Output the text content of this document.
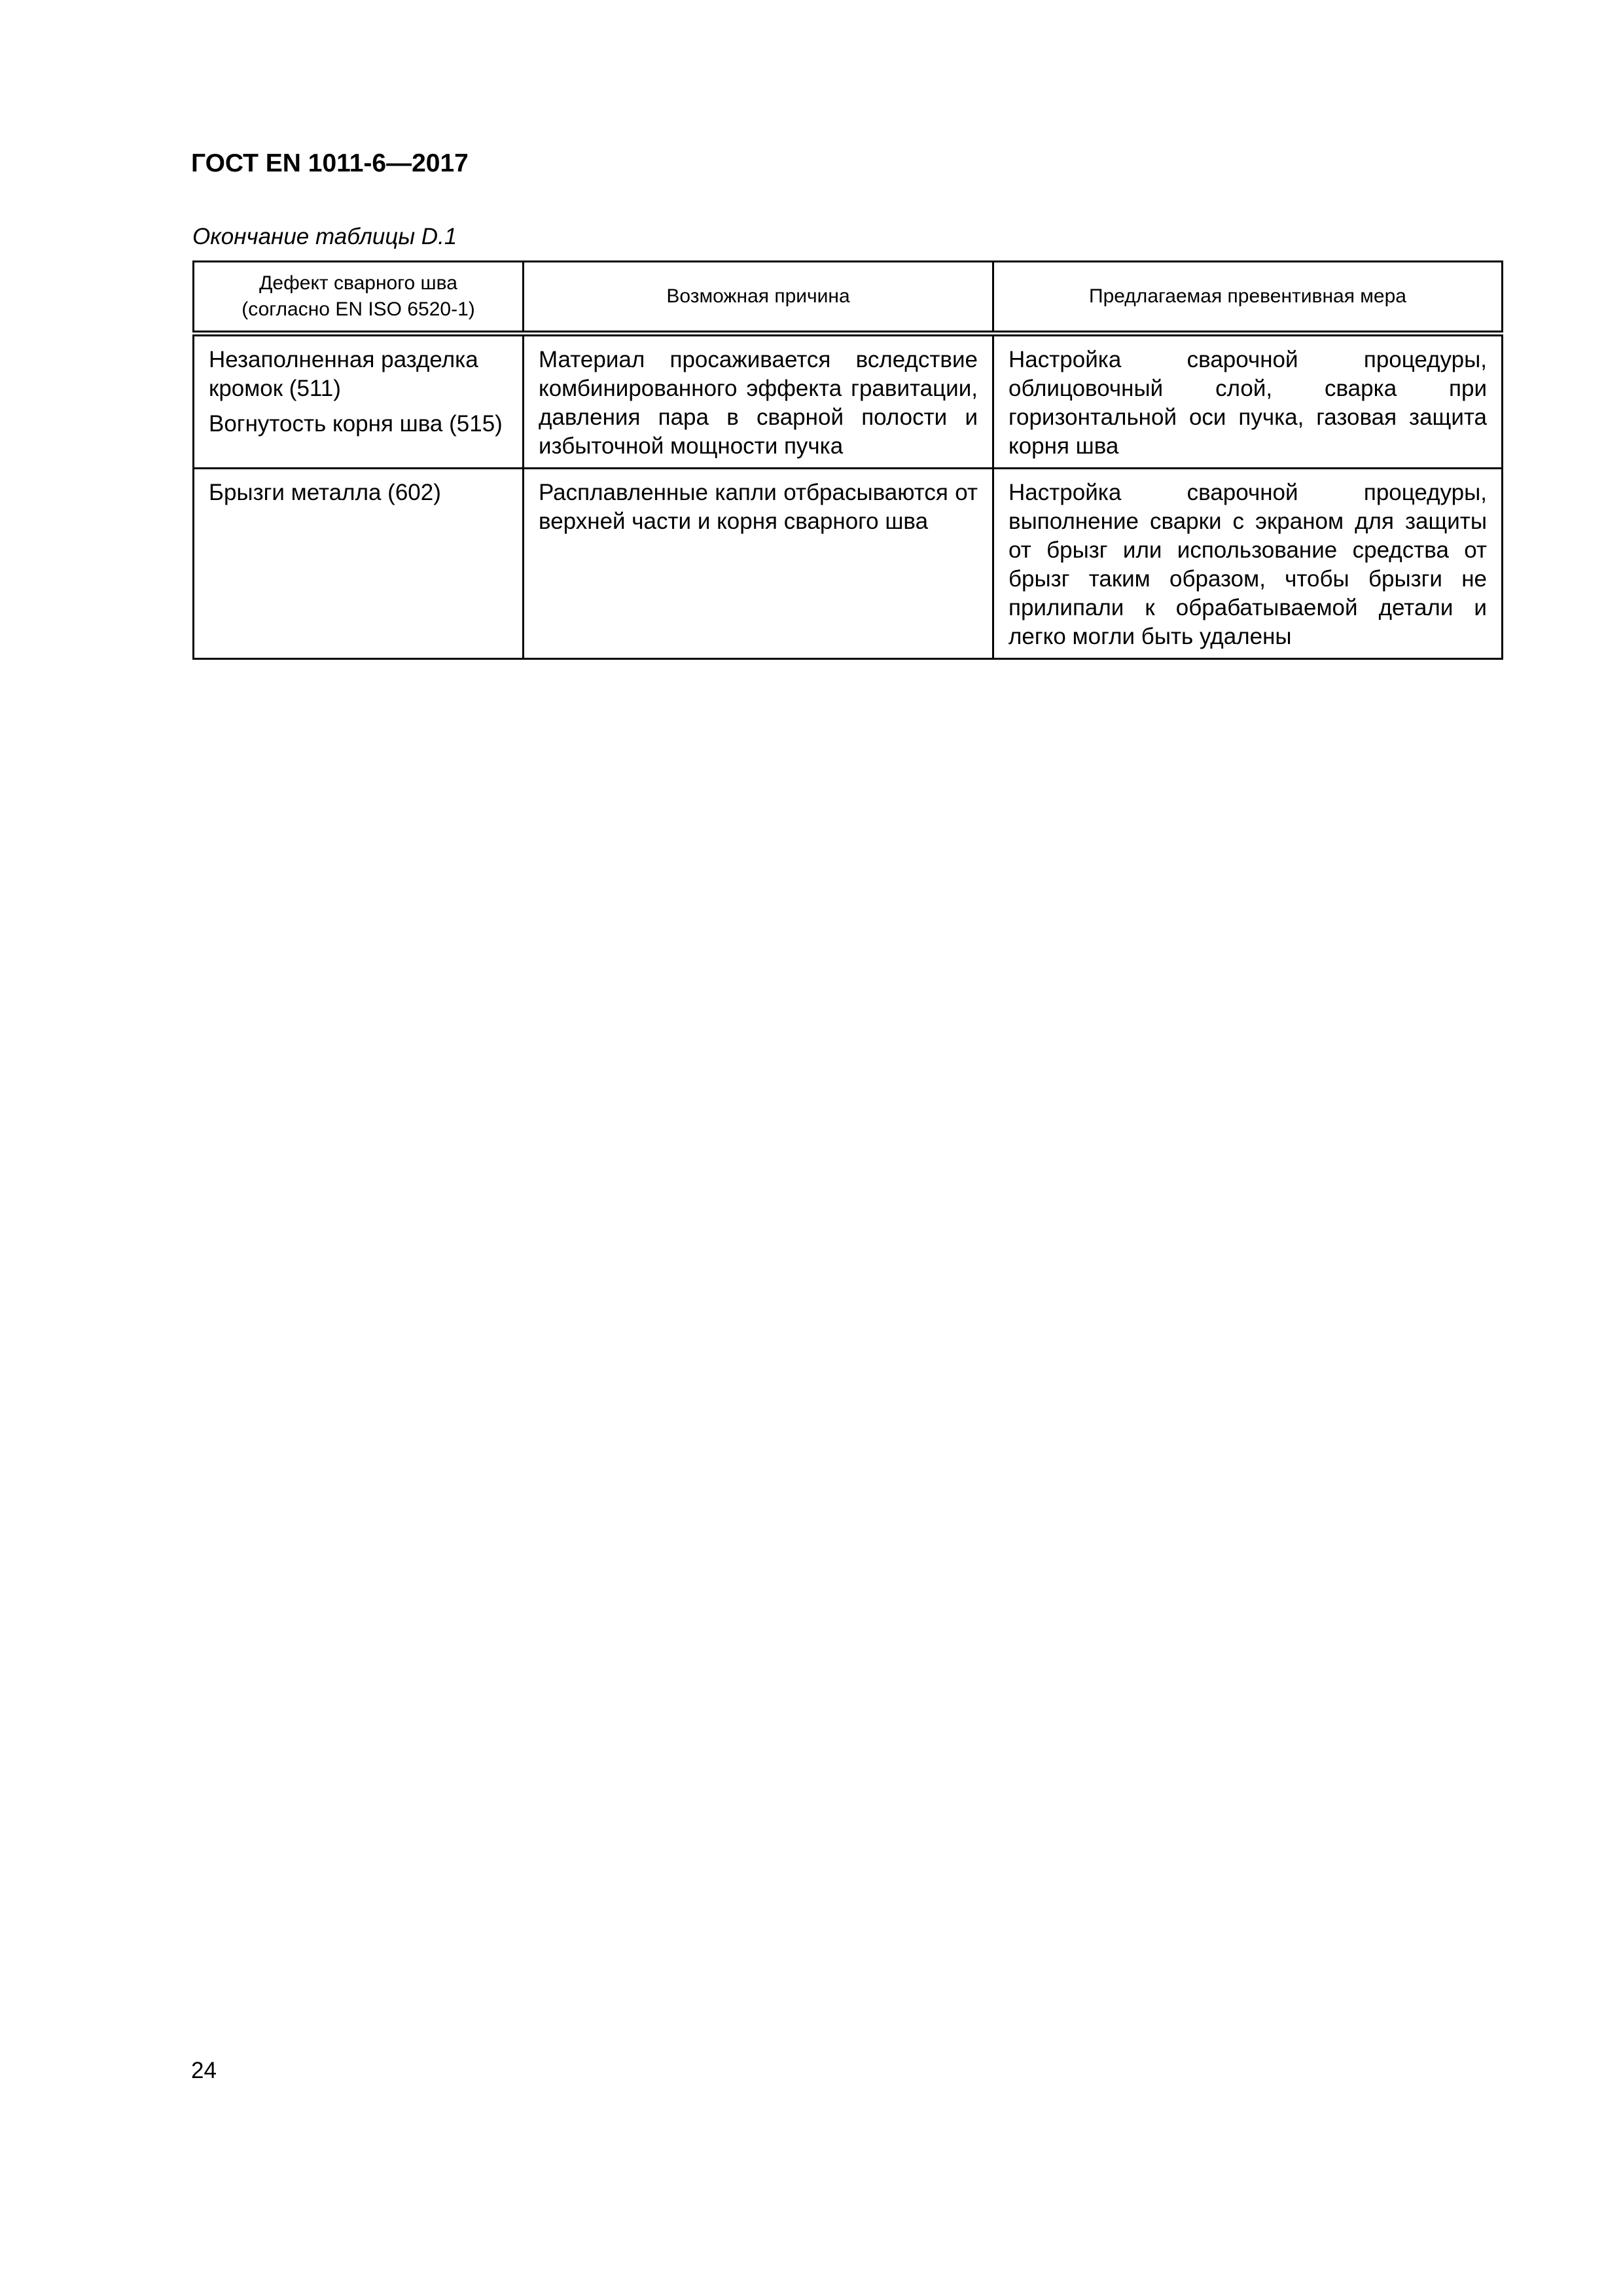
ГОСТ EN 1011-6—2017

Окончание таблицы D.1

Дефект сварного шва
(согласно EN ISO 6520-1)	Возможная причина	Предлагаемая превентивная мера

Незаполненная разделка кромок (511)
Вогнутость корня шва (515)	Материал просаживается вследствие комбинированного эффекта гравитации, давления пара в сварной полости и избыточной мощности пучка	Настройка сварочной процедуры, облицовочный слой, сварка при горизонтальной оси пучка, газовая защита корня шва

Брызги металла (602)	Расплавленные капли отбрасываются от верхней части и корня сварного шва	Настройка сварочной процедуры, выполнение сварки с экраном для защиты от брызг или использование средства от брызг таким образом, чтобы брызги не прилипали к обрабатываемой детали и легко могли быть удалены

24
